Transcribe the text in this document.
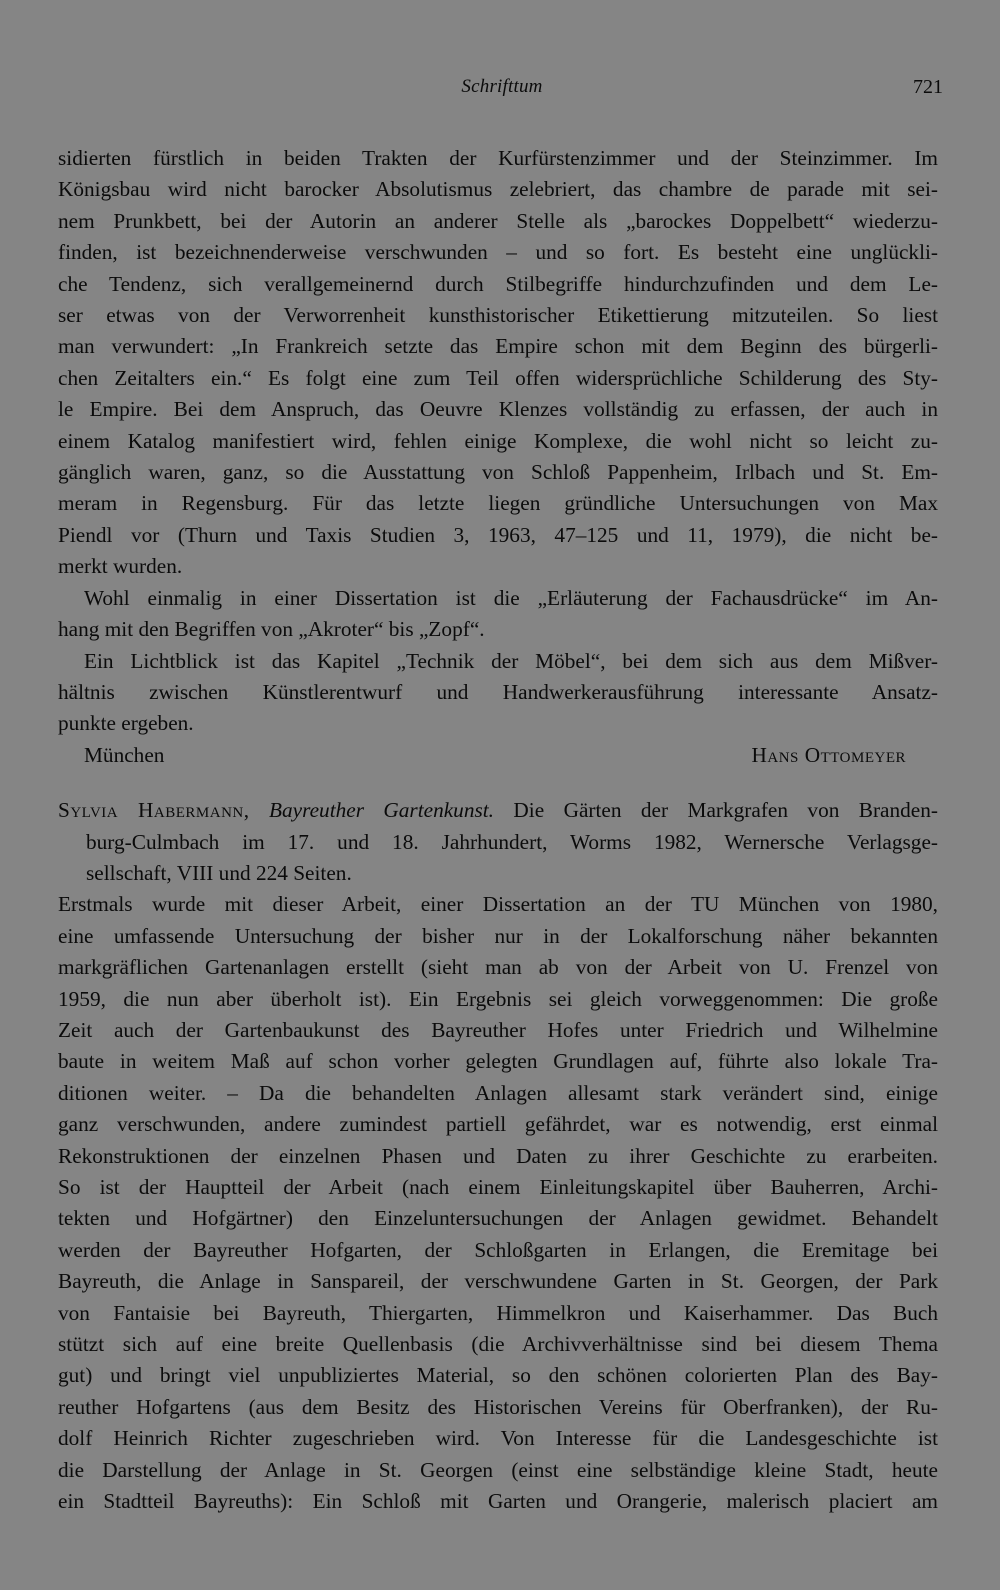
Schrifttum	721
sidierten fürstlich in beiden Trakten der Kurfürstenzimmer und der Steinzimmer. Im
Königsbau wird nicht barocker Absolutismus zelebriert, das chambre de parade mit sei-
nem Prunkbett, bei der Autorin an anderer Stelle als „barockes Doppelbett“ wiederzu-
finden, ist bezeichnenderweise verschwunden – und so fort. Es besteht eine unglückli-
che Tendenz, sich verallgemeinernd durch Stilbegriffe hindurchzufinden und dem Le-
ser etwas von der Verworrenheit kunsthistorischer Etikettierung mitzuteilen. So liest
man verwundert: „In Frankreich setzte das Empire schon mit dem Beginn des bürgerli-
chen Zeitalters ein.“ Es folgt eine zum Teil offen widersprüchliche Schilderung des Sty-
le Empire. Bei dem Anspruch, das Oeuvre Klenzes vollständig zu erfassen, der auch in
einem Katalog manifestiert wird, fehlen einige Komplexe, die wohl nicht so leicht zu-
gänglich waren, ganz, so die Ausstattung von Schloß Pappenheim, Irlbach und St. Em-
meram in Regensburg. Für das letzte liegen gründliche Untersuchungen von Max
Piendl vor (Thurn und Taxis Studien 3, 1963, 47–125 und 11, 1979), die nicht be-
merkt wurden.
Wohl einmalig in einer Dissertation ist die „Erläuterung der Fachausdrücke“ im An-
hang mit den Begriffen von „Akroter“ bis „Zopf“.
Ein Lichtblick ist das Kapitel „Technik der Möbel“, bei dem sich aus dem Mißver-
hältnis zwischen Künstlerentwurf und Handwerkerausführung interessante Ansatz-
punkte ergeben.
München	Hans Ottomeyer
Sylvia Habermann, Bayreuther Gartenkunst. Die Gärten der Markgrafen von Branden-
burg-Culmbach im 17. und 18. Jahrhundert, Worms 1982, Wernersche Verlagsge-
sellschaft, VIII und 224 Seiten.
Erstmals wurde mit dieser Arbeit, einer Dissertation an der TU München von 1980,
eine umfassende Untersuchung der bisher nur in der Lokalforschung näher bekannten
markgräflichen Gartenanlagen erstellt (sieht man ab von der Arbeit von U. Frenzel von
1959, die nun aber überholt ist). Ein Ergebnis sei gleich vorweggenommen: Die große
Zeit auch der Gartenbaukunst des Bayreuther Hofes unter Friedrich und Wilhelmine
baute in weitem Maß auf schon vorher gelegten Grundlagen auf, führte also lokale Tra-
ditionen weiter. – Da die behandelten Anlagen allesamt stark verändert sind, einige
ganz verschwunden, andere zumindest partiell gefährdet, war es notwendig, erst einmal
Rekonstruktionen der einzelnen Phasen und Daten zu ihrer Geschichte zu erarbeiten.
So ist der Hauptteil der Arbeit (nach einem Einleitungskapitel über Bauherren, Archi-
tekten und Hofgärtner) den Einzeluntersuchungen der Anlagen gewidmet. Behandelt
werden der Bayreuther Hofgarten, der Schloßgarten in Erlangen, die Eremitage bei
Bayreuth, die Anlage in Sanspareil, der verschwundene Garten in St. Georgen, der Park
von Fantaisie bei Bayreuth, Thiergarten, Himmelkron und Kaiserhammer. Das Buch
stützt sich auf eine breite Quellenbasis (die Archivverhältnisse sind bei diesem Thema
gut) und bringt viel unpubliziertes Material, so den schönen colorierten Plan des Bay-
reuther Hofgartens (aus dem Besitz des Historischen Vereins für Oberfranken), der Ru-
dolf Heinrich Richter zugeschrieben wird. Von Interesse für die Landesgeschichte ist
die Darstellung der Anlage in St. Georgen (einst eine selbständige kleine Stadt, heute
ein Stadtteil Bayreuths): Ein Schloß mit Garten und Orangerie, malerisch placiert am
